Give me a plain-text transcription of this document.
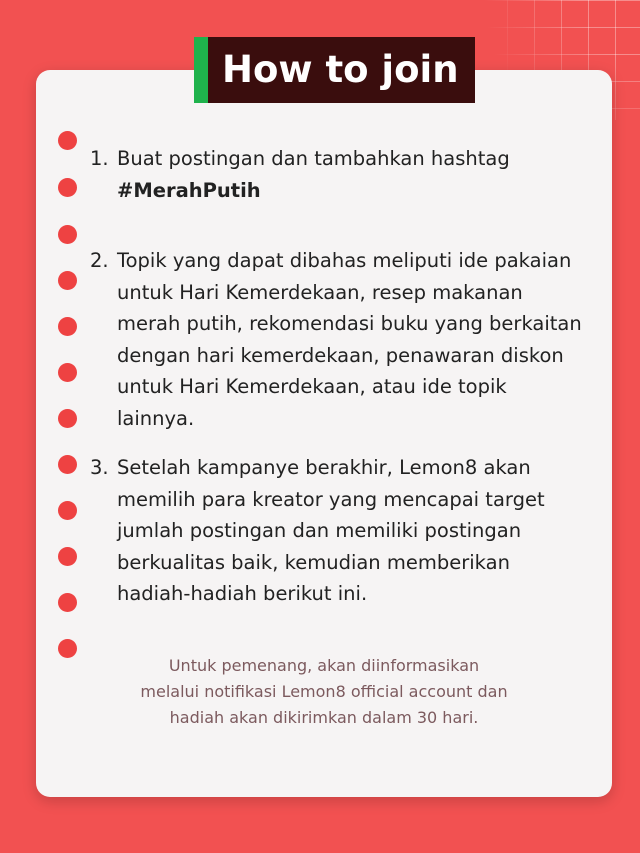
How to join
1. Buat postingan dan tambahkan hashtag
#MerahPutih
2. Topik yang dapat dibahas meliputi ide pakaian
untuk Hari Kemerdekaan, resep makanan
merah putih, rekomendasi buku yang berkaitan
dengan hari kemerdekaan, penawaran diskon
untuk Hari Kemerdekaan, atau ide topik
lainnya.
3. Setelah kampanye berakhir, Lemon8 akan
memilih para kreator yang mencapai target
jumlah postingan dan memiliki postingan
berkualitas baik, kemudian memberikan
hadiah-hadiah berikut ini.
Untuk pemenang, akan diinformasikan
melalui notifikasi Lemon8 official account dan
hadiah akan dikirimkan dalam 30 hari.
